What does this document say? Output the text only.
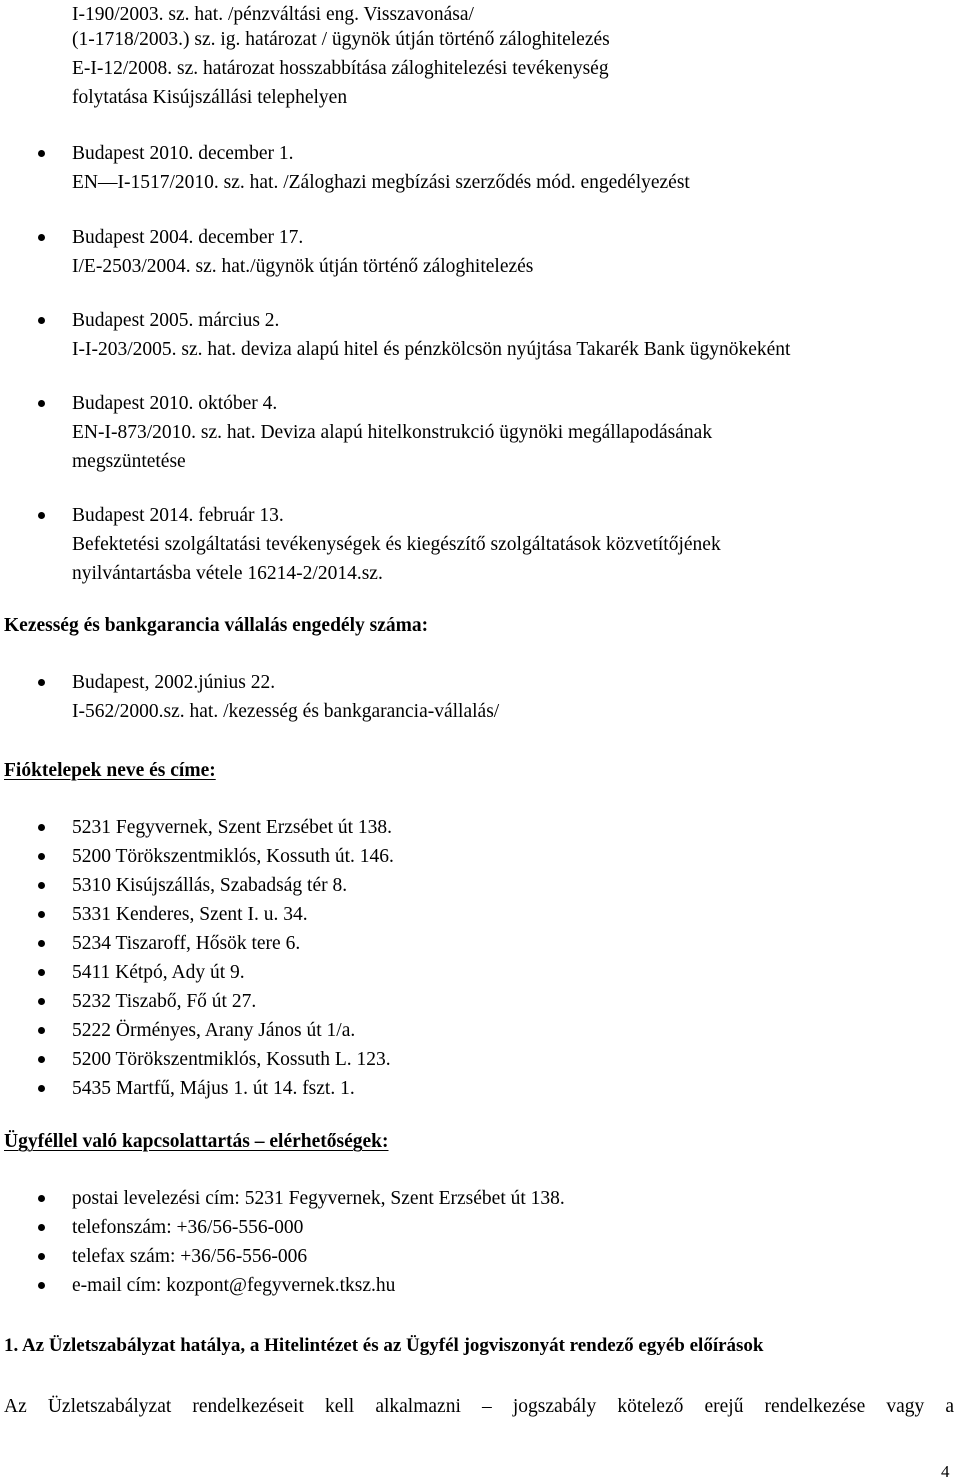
I-190/2003. sz. hat. /pénzváltási eng. Visszavonása/
(1-1718/2003.) sz. ig. határozat / ügynök útján történő záloghitelezés
E-I-12/2008. sz. határozat hosszabbítása záloghitelezési tevékenység
folytatása Kisújszállási telephelyen
Budapest 2010. december 1.
EN—I-1517/2010. sz. hat. /Záloghazi megbízási szerződés mód. engedélyezést
Budapest 2004. december 17.
I/E-2503/2004. sz. hat./ügynök útján történő záloghitelezés
Budapest 2005. március 2.
I-I-203/2005. sz. hat. deviza alapú hitel és pénzkölcsön nyújtása Takarék Bank ügynökeként
Budapest 2010. október 4.
EN-I-873/2010. sz. hat. Deviza alapú hitelkonstrukció ügynöki megállapodásának
megszüntetése
Budapest 2014. február 13.
Befektetési szolgáltatási tevékenységek és kiegészítő szolgáltatások közvetítőjének
nyilvántartásba vétele 16214-2/2014.sz.
Kezesség és bankgarancia vállalás engedély száma:
Budapest, 2002.június 22.
I-562/2000.sz. hat. /kezesség és bankgarancia-vállalás/
Fióktelepek neve és címe:
5231 Fegyvernek, Szent Erzsébet út 138.
5200 Törökszentmiklós, Kossuth út. 146.
5310 Kisújszállás, Szabadság tér 8.
5331 Kenderes, Szent I. u. 34.
5234 Tiszaroff, Hősök tere 6.
5411 Kétpó, Ady út 9.
5232 Tiszabő, Fő út 27.
5222 Örményes, Arany János út 1/a.
5200 Törökszentmiklós, Kossuth L. 123.
5435 Martfű, Május 1. út 14. fszt. 1.
Ügyféllel való kapcsolattartás – elérhetőségek:
postai levelezési cím: 5231 Fegyvernek, Szent Erzsébet út 138.
telefonszám: +36/56-556-000
telefax szám: +36/56-556-006
e-mail cím: kozpont@fegyvernek.tksz.hu
1. Az Üzletszabályzat hatálya, a Hitelintézet és az Ügyfél jogviszonyát rendező egyéb előírások
Az Üzletszabályzat rendelkezéseit kell alkalmazni – jogszabály kötelező erejű rendelkezése vagy a
4
